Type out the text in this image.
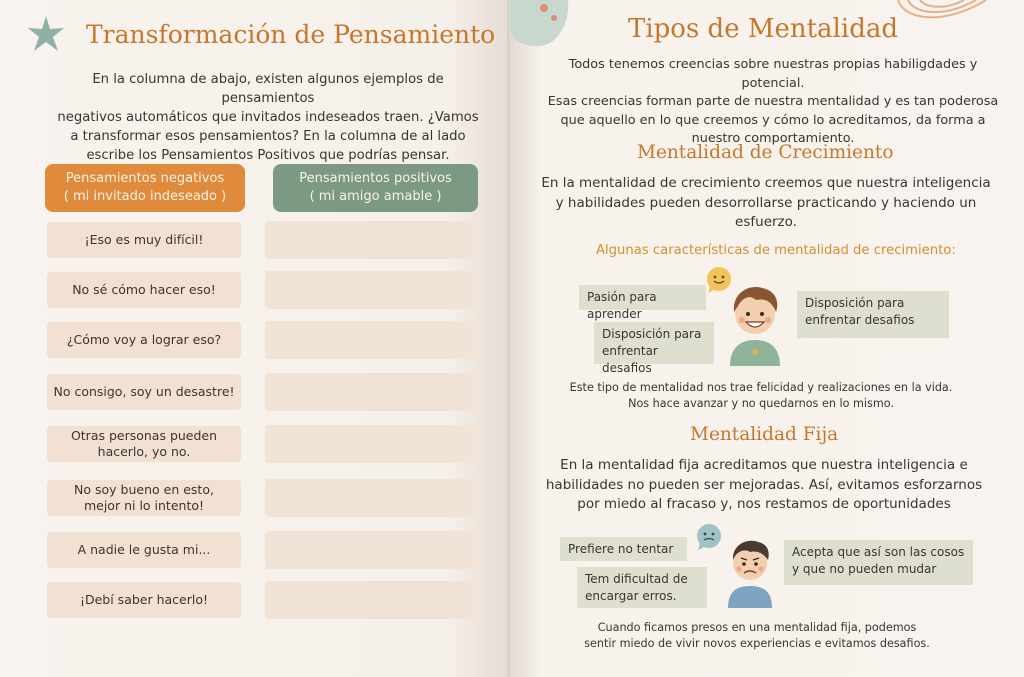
Transformación de Pensamiento
En la columna de abajo, existen algunos ejemplos de pensamientos
negativos automáticos que invitados indeseados traen. ¿Vamos
a transformar esos pensamientos? En la columna de al lado
escribe los Pensamientos Positivos que podrías pensar.
Pensamientos negativos
( mi invitado indeseado )
Pensamientos positivos
( mi amigo amable )
¡Eso es muy difícil!
No sé cómo hacer eso!
¿Cómo voy a lograr eso?
No consigo, soy un desastre!
Otras personas pueden
hacerlo, yo no.
No soy bueno en esto,
mejor ni lo intento!
A nadie le gusta mi...
¡Debí saber hacerlo!
Tipos de Mentalidad
Todos tenemos creencias sobre nuestras propias habiligdades y potencial.
Esas creencias forman parte de nuestra mentalidad y es tan poderosa
que aquello en lo que creemos y cómo lo acreditamos, da forma a
nuestro comportamiento.
Mentalidad de Crecimiento
En la mentalidad de crecimiento creemos que nuestra inteligencia
y habilidades pueden desorrollarse practicando y haciendo un
esfuerzo.
Algunas características de mentalidad de crecimiento:
Pasión para aprender
Disposición para
enfrentar desafios
Disposición para
enfrentar desafios
Este tipo de mentalidad nos trae felicidad y realizaciones en la vida.
Nos hace avanzar y no quedarnos en lo mismo.
Mentalidad Fija
En la mentalidad fija acreditamos que nuestra inteligencia e
habilidades no pueden ser mejoradas. Así, evitamos esforzarnos
por miedo al fracaso y, nos restamos de oportunidades
Prefiere no tentar
Tem dificultad de
encargar erros.
Acepta que así son las cosos
y que no pueden mudar
Cuando ficamos presos en una mentalidad fija, podemos
sentir miedo de vivir novos experiencias e evitamos desafios.
